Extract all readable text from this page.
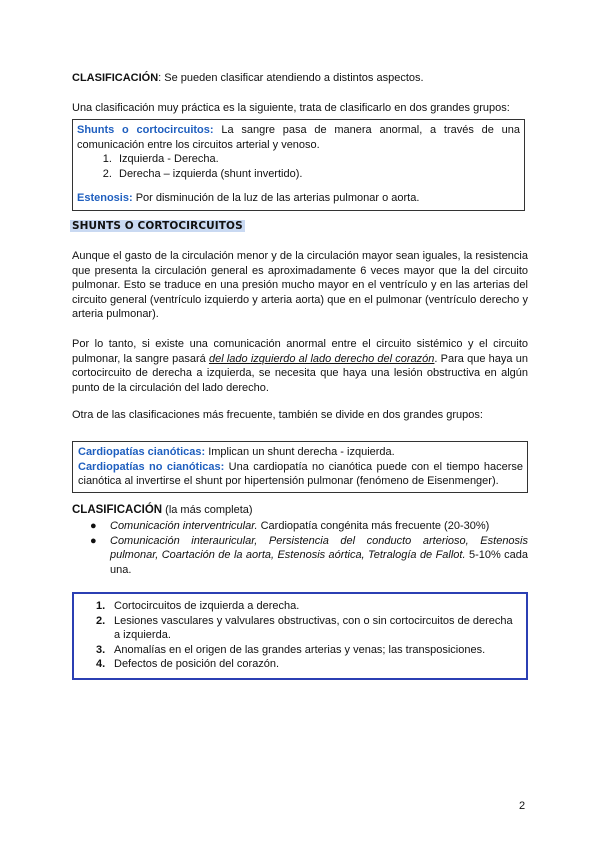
CLASIFICACIÓN: Se pueden clasificar atendiendo a distintos aspectos.

Una clasificación muy práctica es la siguiente, trata de clasificarlo en dos grandes grupos:

Shunts o cortocircuitos: La sangre pasa de manera anormal, a través de una comunicación entre los circuitos arterial y venoso.

1. Izquierda - Derecha.
2. Derecha – izquierda (shunt invertido).

Estenosis: Por disminución de la luz de las arterias pulmonar o aorta.

SHUNTS O CORTOCIRCUITOS

Aunque el gasto de la circulación menor y de la circulación mayor sean iguales, la resistencia que presenta la circulación general es aproximadamente 6 veces mayor que la del circuito pulmonar. Esto se traduce en una presión mucho mayor en el ventrículo y en las arterias del circuito general (ventrículo izquierdo y arteria aorta) que en el pulmonar (ventrículo derecho y arteria pulmonar).

Por lo tanto, si existe una comunicación anormal entre el circuito sistémico y el circuito pulmonar, la sangre pasará del lado izquierdo al lado derecho del corazón. Para que haya un cortocircuito de derecha a izquierda, se necesita que haya una lesión obstructiva en algún punto de la circulación del lado derecho.

Otra de las clasificaciones más frecuente, también se divide en dos grandes grupos:

Cardiopatías cianóticas: Implican un shunt derecha - izquierda.

Cardiopatías no cianóticas: Una cardiopatía no cianótica puede con el tiempo hacerse cianótica al invertirse el shunt por hipertensión pulmonar (fenómeno de Eisenmenger).

CLASIFICACIÓN (la más completa)

● Comunicación interventricular. Cardiopatía congénita más frecuente (20-30%)
● Comunicación interauricular, Persistencia del conducto arterioso, Estenosis pulmonar, Coartación de la aorta, Estenosis aórtica, Tetralogía de Fallot. 5-10% cada una.
1. Cortocircuitos de izquierda a derecha.
2. Lesiones vasculares y valvulares obstructivas, con o sin cortocircuitos de derecha a izquierda.
3. Anomalías en el origen de las grandes arterias y venas; las transposiciones.
4. Defectos de posición del corazón.
2
